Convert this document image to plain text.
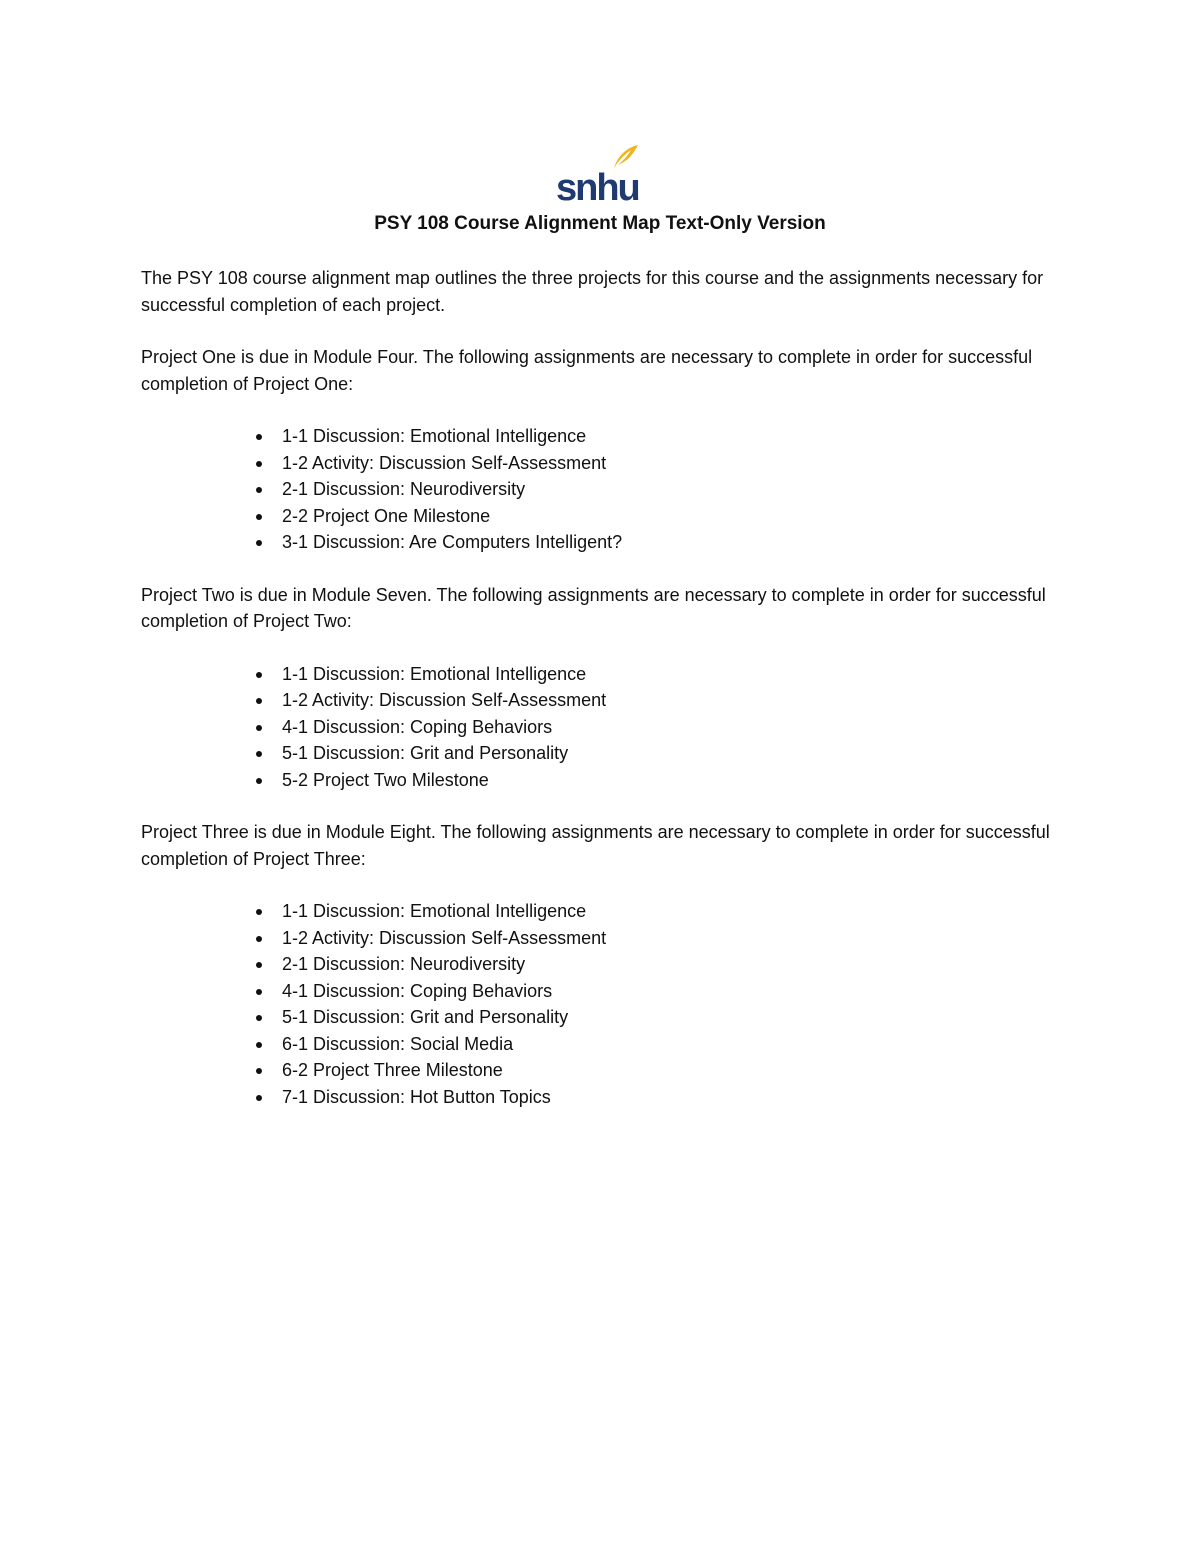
snhu
PSY 108 Course Alignment Map Text-Only Version

The PSY 108 course alignment map outlines the three projects for this course and the assignments necessary for successful completion of each project.

Project One is due in Module Four. The following assignments are necessary to complete in order for successful completion of Project One:

1-1 Discussion: Emotional Intelligence
1-2 Activity: Discussion Self-Assessment
2-1 Discussion: Neurodiversity
2-2 Project One Milestone
3-1 Discussion: Are Computers Intelligent?

Project Two is due in Module Seven. The following assignments are necessary to complete in order for successful completion of Project Two:

1-1 Discussion: Emotional Intelligence
1-2 Activity: Discussion Self-Assessment
4-1 Discussion: Coping Behaviors
5-1 Discussion: Grit and Personality
5-2 Project Two Milestone

Project Three is due in Module Eight. The following assignments are necessary to complete in order for successful completion of Project Three:

1-1 Discussion: Emotional Intelligence
1-2 Activity: Discussion Self-Assessment
2-1 Discussion: Neurodiversity
4-1 Discussion: Coping Behaviors
5-1 Discussion: Grit and Personality
6-1 Discussion: Social Media
6-2 Project Three Milestone
7-1 Discussion: Hot Button Topics
